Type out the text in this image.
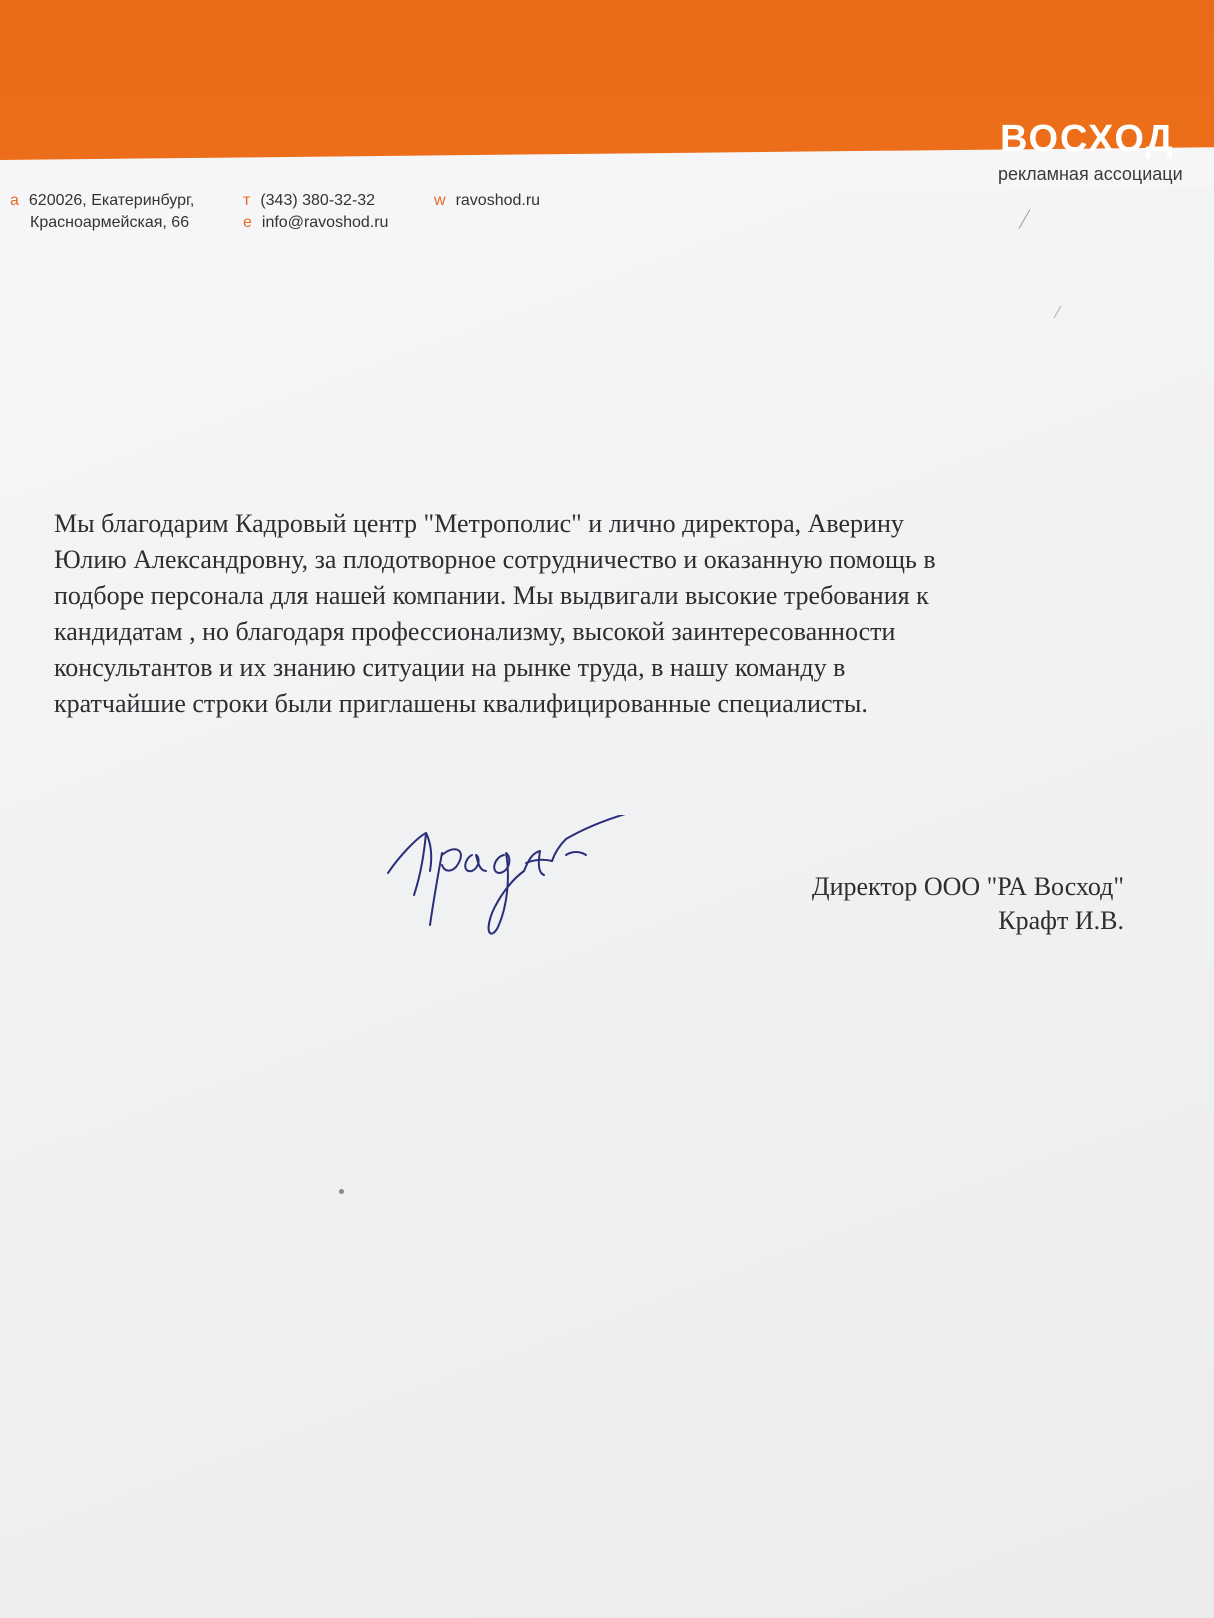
ВОСХОД
рекламная ассоциаци
а 620026, Екатеринбург,
Красноармейская, 66
т (343) 380-32-32
е info@ravoshod.ru
w ravoshod.ru
Мы благодарим Кадровый центр "Метрополис" и лично директора, Аверину
Юлию Александровну, за плодотворное сотрудничество и оказанную помощь в
подборе персонала для нашей компании. Мы выдвигали высокие требования к
кандидатам , но благодаря профессионализму, высокой заинтересованности
консультантов и их знанию ситуации на рынке труда, в нашу команду в
кратчайшие строки были приглашены квалифицированные специалисты.
Директор ООО "РА Восход"
Крафт И.В.
